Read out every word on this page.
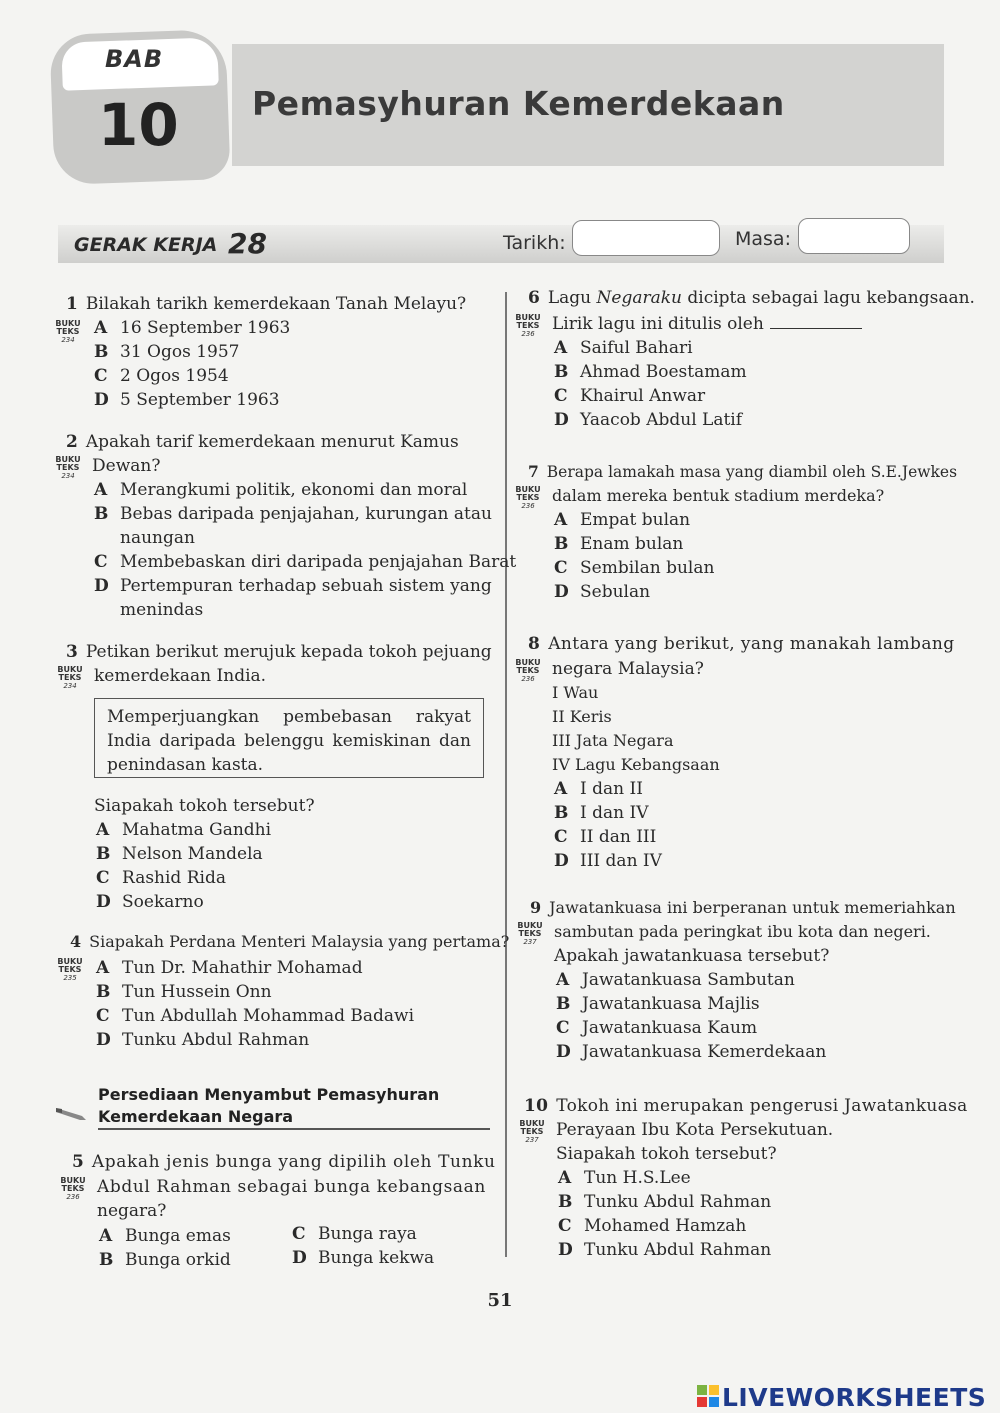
BAB
10 Pemasyhuran Kemerdekaan
GERAK KERJA 28	Tarikh:	Masa:
1 Bilakah tarikh kemerdekaan Tanah Melayu?
BUKU
TEKS
234
A 16 September 1963
B 31 Ogos 1957
C 2 Ogos 1954
D 5 September 1963
2 Apakah tarif kemerdekaan menurut Kamus
BUKU
TEKS
234	Dewan?
A Merangkumi politik, ekonomi dan moral
B Bebas daripada penjajahan, kurungan atau
naungan
C Membebaskan diri daripada penjajahan Barat
D Pertempuran terhadap sebuah sistem yang
menindas
3 Petikan berikut merujuk kepada tokoh pejuang
BUKU
TEKS
234	kemerdekaan India.
Memperjuangkan pembebasan rakyat
India daripada belenggu kemiskinan dan
penindasan kasta.
Siapakah tokoh tersebut?
A Mahatma Gandhi
B Nelson Mandela
C Rashid Rida
D Soekarno
4 Siapakah Perdana Menteri Malaysia yang pertama?
BUKU
TEKS
235	A Tun Dr. Mahathir Mohamad
B Tun Hussein Onn
C Tun Abdullah Mohammad Badawi
D Tunku Abdul Rahman
Persediaan Menyambut Pemasyhuran
Kemerdekaan Negara
5 Apakah jenis bunga yang dipilih oleh Tunku
BUKU
TEKS
236	Abdul Rahman sebagai bunga kebangsaan
negara?
A Bunga emas
B Bunga orkid
C Bunga raya
D Bunga kekwa
6 Lagu Negaraku dicipta sebagai lagu kebangsaan.
BUKU
TEKS
236	Lirik lagu ini ditulis oleh
A Saiful Bahari
B Ahmad Boestamam
C Khairul Anwar
D Yaacob Abdul Latif
7 Berapa lamakah masa yang diambil oleh S.E.Jewkes
BUKU
TEKS
236
dalam mereka bentuk stadium merdeka?
A Empat bulan
B Enam bulan
C Sembilan bulan
D Sebulan
8 Antara yang berikut, yang manakah lambang
BUKU
TEKS
236	negara Malaysia?
I Wau
II Keris
III Jata Negara
IV Lagu Kebangsaan
A I dan II
B I dan IV
C II dan III
D III dan IV
9 Jawatankuasa ini berperanan untuk memeriahkan
BUKU
TEKS
237
sambutan pada peringkat ibu kota dan negeri.
Apakah jawatankuasa tersebut?
A Jawatankuasa Sambutan
B Jawatankuasa Majlis
C Jawatankuasa Kaum
D Jawatankuasa Kemerdekaan
10 Tokoh ini merupakan pengerusi Jawatankuasa
BUKU
TEKS
237	Perayaan Ibu Kota Persekutuan.
Siapakah tokoh tersebut?
A Tun H.S.Lee
B Tunku Abdul Rahman
C Mohamed Hamzah
D Tunku Abdul Rahman
51
LIVEWORKSHEETS
